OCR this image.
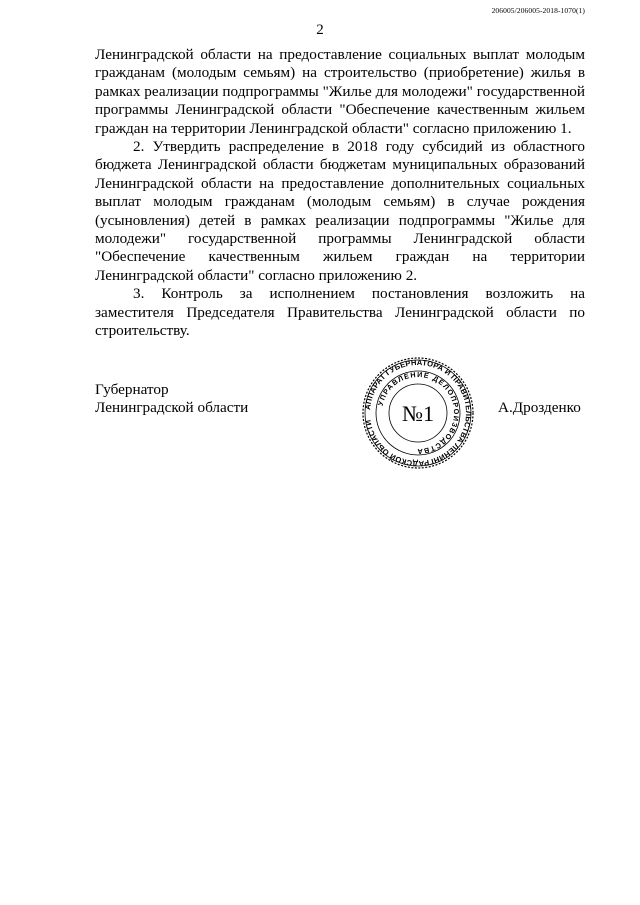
206005/206005-2018-1070(1)
2

Ленинградской области на предоставление социальных выплат молодым гражданам (молодым семьям) на строительство (приобретение) жилья в рамках реализации подпрограммы "Жилье для молодежи" государственной программы Ленинградской области "Обеспечение качественным жильем граждан на территории Ленинградской области" согласно приложению 1.

2. Утвердить распределение в 2018 году субсидий из областного бюджета Ленинградской области бюджетам муниципальных образований Ленинградской области на предоставление дополнительных социальных выплат молодым гражданам (молодым семьям) в случае рождения (усыновления) детей в рамках реализации подпрограммы "Жилье для молодежи" государственной программы Ленинградской области "Обеспечение качественным жильем граждан на территории Ленинградской области" согласно приложению 2.

3. Контроль за исполнением постановления возложить на заместителя Председателя Правительства Ленинградской области по строительству.

Губернатор
Ленинградской области	А.Дрозденко
АППАРАТ ГУБЕРНАТОРА И ПРАВИТЕЛЬСТВА ЛЕНИНГРАДСКОЙ ОБЛАСТИ
УПРАВЛЕНИЕ ДЕЛОПРОИЗВОДСТВА
№1
